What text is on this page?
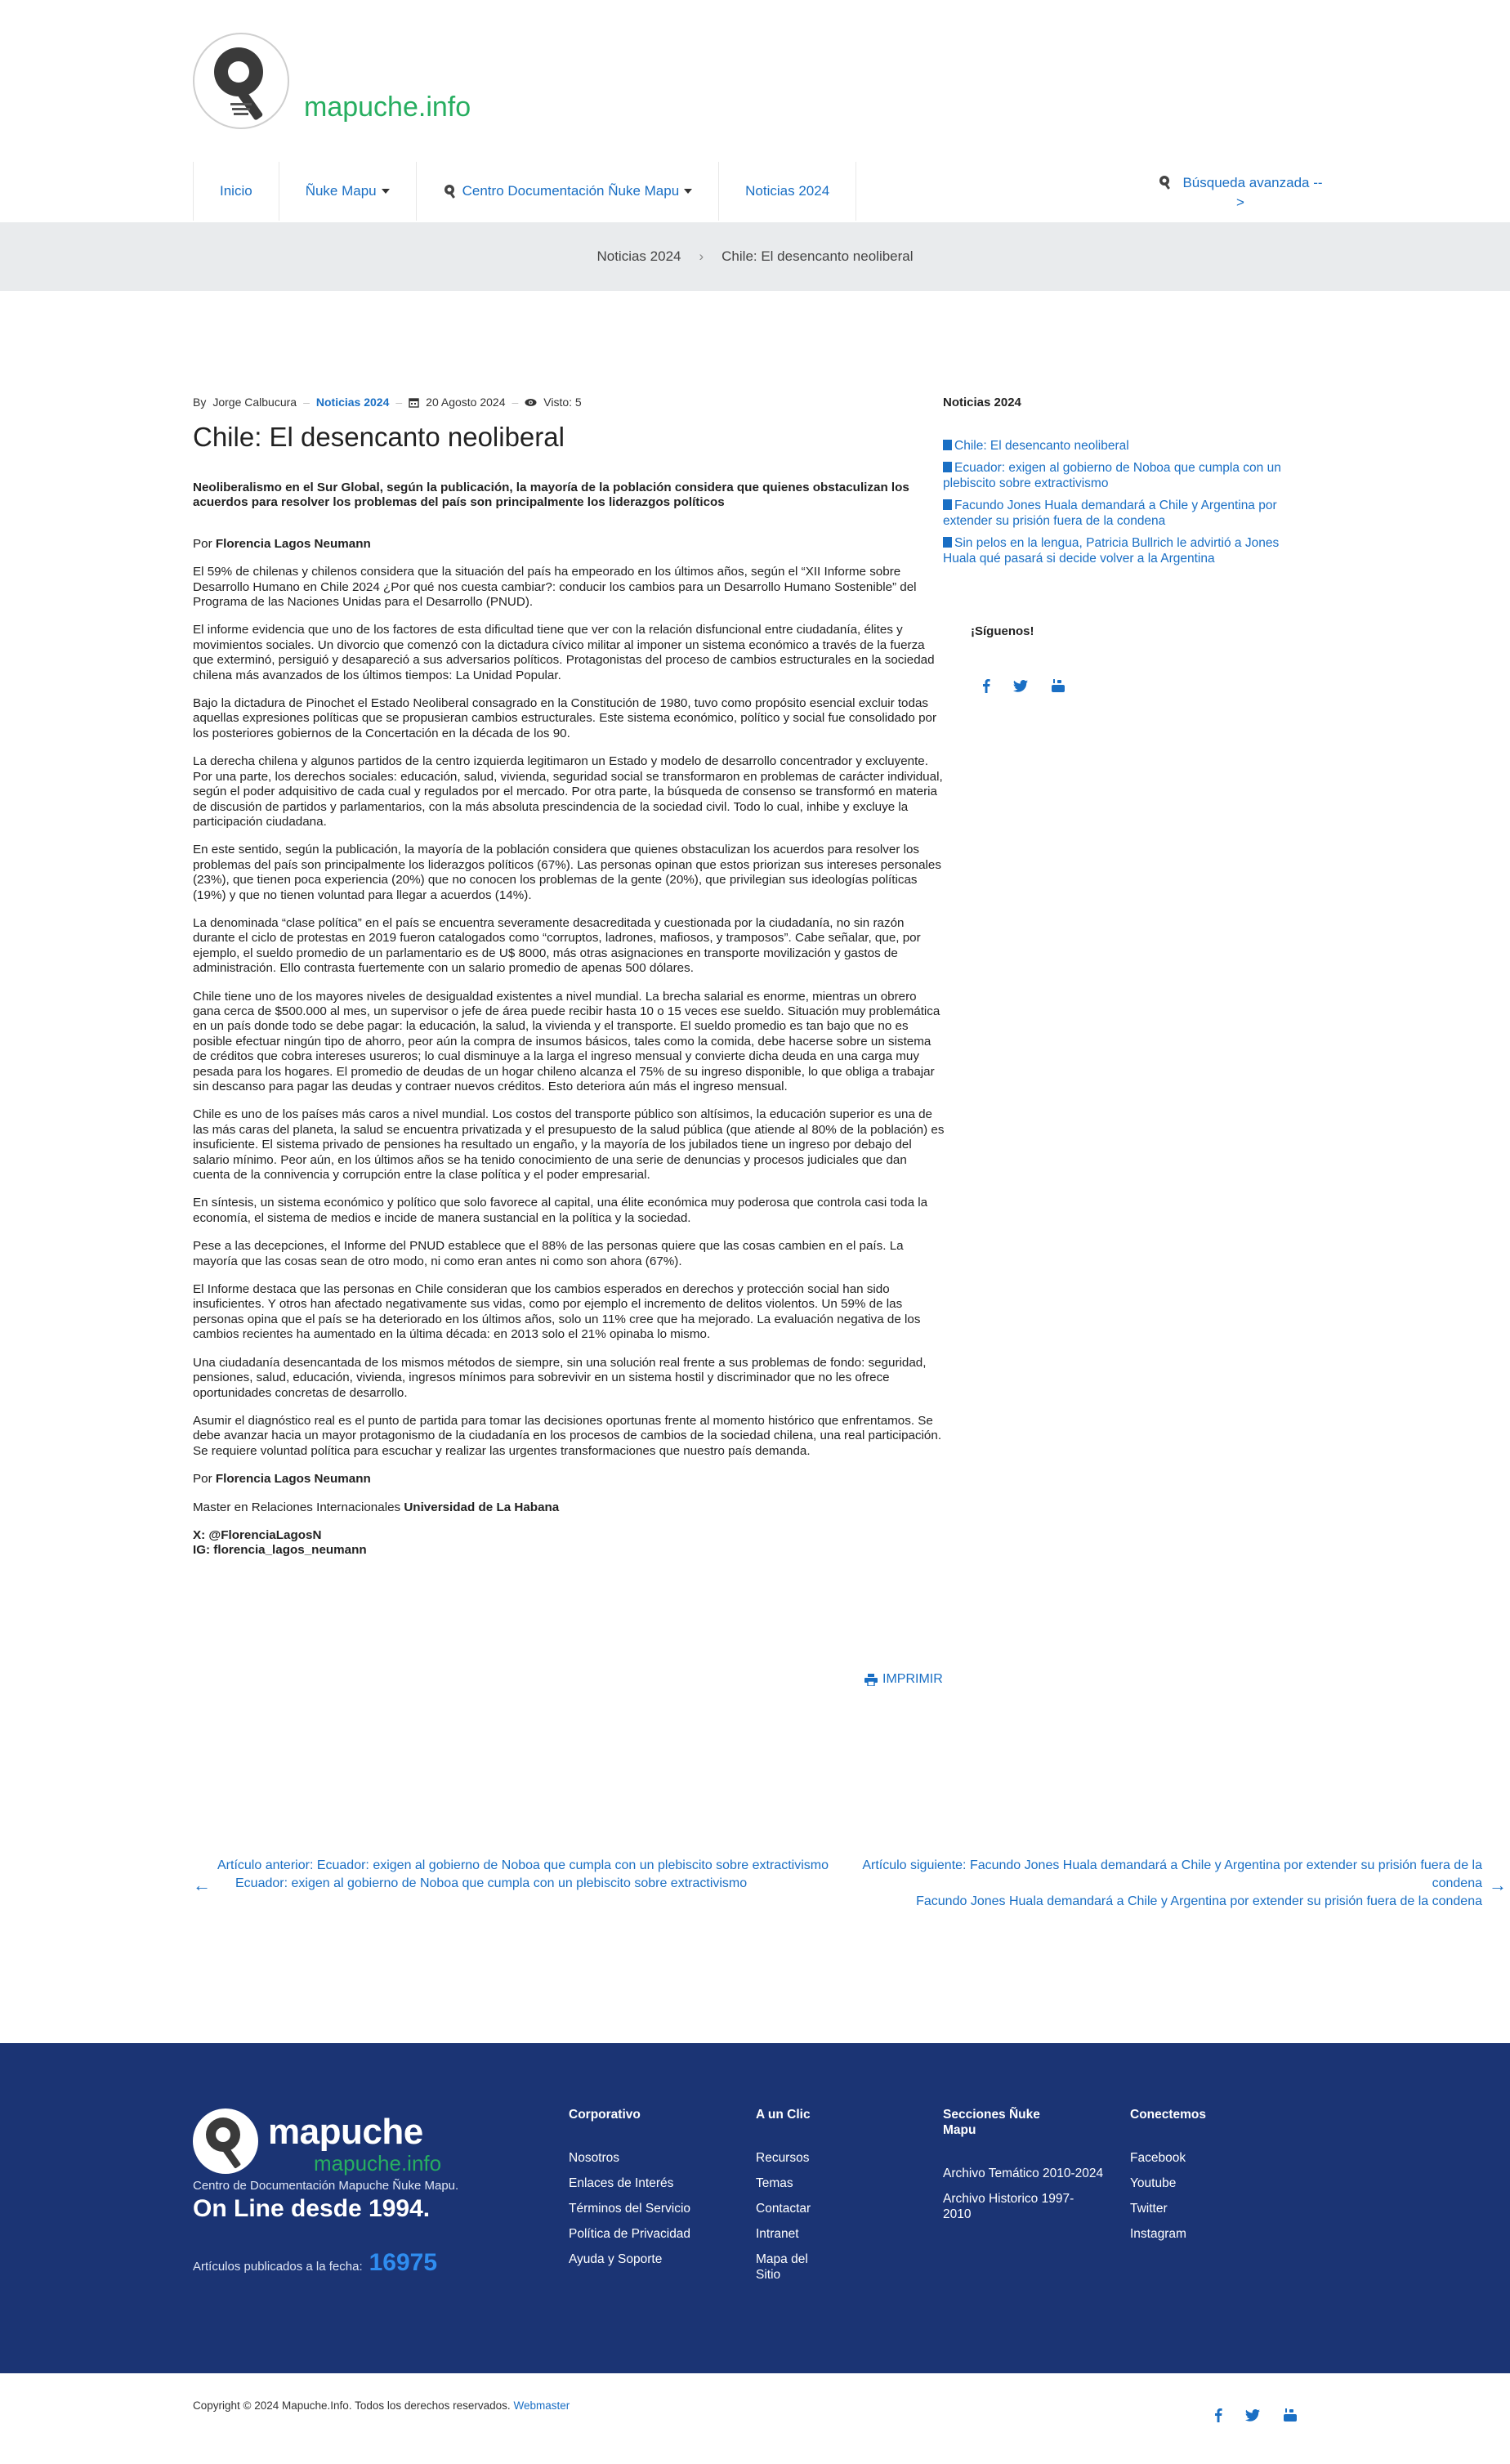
mapuche.info
Inicio	Ñuke Mapu	Centro Documentación Ñuke Mapu	Noticias 2024
Búsqueda avanzada --
>
Noticias 2024 › Chile: El desencanto neoliberal
By Jorge Calbucura – Noticias 2024 – 20 Agosto 2024 – Visto: 5
Chile: El desencanto neoliberal

Neoliberalismo en el Sur Global, según la publicación, la mayoría de la población considera que quienes obstaculizan los acuerdos para resolver los problemas del país son principalmente los liderazgos políticos

Por Florencia Lagos Neumann

El 59% de chilenas y chilenos considera que la situación del país ha empeorado en los últimos años, según el “XII Informe sobre Desarrollo Humano en Chile 2024 ¿Por qué nos cuesta cambiar?: conducir los cambios para un Desarrollo Humano Sostenible” del Programa de las Naciones Unidas para el Desarrollo (PNUD).

El informe evidencia que uno de los factores de esta dificultad tiene que ver con la relación disfuncional entre ciudadanía, élites y movimientos sociales. Un divorcio que comenzó con la dictadura cívico militar al imponer un sistema económico a través de la fuerza que exterminó, persiguió y desapareció a sus adversarios políticos. Protagonistas del proceso de cambios estructurales en la sociedad chilena más avanzados de los últimos tiempos: La Unidad Popular.

Bajo la dictadura de Pinochet el Estado Neoliberal consagrado en la Constitución de 1980, tuvo como propósito esencial excluir todas aquellas expresiones políticas que se propusieran cambios estructurales. Este sistema económico, político y social fue consolidado por los posteriores gobiernos de la Concertación en la década de los 90.

La derecha chilena y algunos partidos de la centro izquierda legitimaron un Estado y modelo de desarrollo concentrador y excluyente. Por una parte, los derechos sociales: educación, salud, vivienda, seguridad social se transformaron en problemas de carácter individual, según el poder adquisitivo de cada cual y regulados por el mercado. Por otra parte, la búsqueda de consenso se transformó en materia de discusión de partidos y parlamentarios, con la más absoluta prescindencia de la sociedad civil. Todo lo cual, inhibe y excluye la participación ciudadana.

En este sentido, según la publicación, la mayoría de la población considera que quienes obstaculizan los acuerdos para resolver los problemas del país son principalmente los liderazgos políticos (67%). Las personas opinan que estos priorizan sus intereses personales (23%), que tienen poca experiencia (20%) que no conocen los problemas de la gente (20%), que privilegian sus ideologías políticas (19%) y que no tienen voluntad para llegar a acuerdos (14%).

La denominada “clase política” en el país se encuentra severamente desacreditada y cuestionada por la ciudadanía, no sin razón durante el ciclo de protestas en 2019 fueron catalogados como “corruptos, ladrones, mafiosos, y tramposos”. Cabe señalar, que, por ejemplo, el sueldo promedio de un parlamentario es de U$ 8000, más otras asignaciones en transporte movilización y gastos de administración. Ello contrasta fuertemente con un salario promedio de apenas 500 dólares.

Chile tiene uno de los mayores niveles de desigualdad existentes a nivel mundial. La brecha salarial es enorme, mientras un obrero gana cerca de $500.000 al mes, un supervisor o jefe de área puede recibir hasta 10 o 15 veces ese sueldo. Situación muy problemática en un país donde todo se debe pagar: la educación, la salud, la vivienda y el transporte. El sueldo promedio es tan bajo que no es posible efectuar ningún tipo de ahorro, peor aún la compra de insumos básicos, tales como la comida, debe hacerse sobre un sistema de créditos que cobra intereses usureros; lo cual disminuye a la larga el ingreso mensual y convierte dicha deuda en una carga muy pesada para los hogares. El promedio de deudas de un hogar chileno alcanza el 75% de su ingreso disponible, lo que obliga a trabajar sin descanso para pagar las deudas y contraer nuevos créditos. Esto deteriora aún más el ingreso mensual.

Chile es uno de los países más caros a nivel mundial. Los costos del transporte público son altísimos, la educación superior es una de las más caras del planeta, la salud se encuentra privatizada y el presupuesto de la salud pública (que atiende al 80% de la población) es insuficiente. El sistema privado de pensiones ha resultado un engaño, y la mayoría de los jubilados tiene un ingreso por debajo del salario mínimo. Peor aún, en los últimos años se ha tenido conocimiento de una serie de denuncias y procesos judiciales que dan cuenta de la connivencia y corrupción entre la clase política y el poder empresarial.

En síntesis, un sistema económico y político que solo favorece al capital, una élite económica muy poderosa que controla casi toda la economía, el sistema de medios e incide de manera sustancial en la política y la sociedad.

Pese a las decepciones, el Informe del PNUD establece que el 88% de las personas quiere que las cosas cambien en el país. La mayoría que las cosas sean de otro modo, ni como eran antes ni como son ahora (67%).

El Informe destaca que las personas en Chile consideran que los cambios esperados en derechos y protección social han sido insuficientes. Y otros han afectado negativamente sus vidas, como por ejemplo el incremento de delitos violentos. Un 59% de las personas opina que el país se ha deteriorado en los últimos años, solo un 11% cree que ha mejorado. La evaluación negativa de los cambios recientes ha aumentado en la última década: en 2013 solo el 21% opinaba lo mismo.

Una ciudadanía desencantada de los mismos métodos de siempre, sin una solución real frente a sus problemas de fondo: seguridad, pensiones, salud, educación, vivienda, ingresos mínimos para sobrevivir en un sistema hostil y discriminador que no les ofrece oportunidades concretas de desarrollo.

Asumir el diagnóstico real es el punto de partida para tomar las decisiones oportunas frente al momento histórico que enfrentamos. Se debe avanzar hacia un mayor protagonismo de la ciudadanía en los procesos de cambios de la sociedad chilena, una real participación. Se requiere voluntad política para escuchar y realizar las urgentes transformaciones que nuestro país demanda.

Por Florencia Lagos Neumann

Master en Relaciones Internacionales Universidad de La Habana

X: @FlorenciaLagosN
IG: florencia_lagos_neumann

IMPRIMIR
←
Artículo anterior: Ecuador: exigen al gobierno de Noboa que cumpla con un plebiscito sobre extractivismo
Ecuador: exigen al gobierno de Noboa que cumpla con un plebiscito sobre extractivismo
Artículo siguiente: Facundo Jones Huala demandará a Chile y Argentina por extender su prisión fuera de la condena
Facundo Jones Huala demandará a Chile y Argentina por extender su prisión fuera de la condena
→
Noticias 2024
Chile: El desencanto neoliberal
Ecuador: exigen al gobierno de Noboa que cumpla con un plebiscito sobre extractivismo
Facundo Jones Huala demandará a Chile y Argentina por extender su prisión fuera de la condena
Sin pelos en la lengua, Patricia Bullrich le advirtió a Jones Huala qué pasará si decide volver a la Argentina
¡Síguenos!
mapuche
mapuche.info
Centro de Documentación Mapuche Ñuke Mapu.
On Line desde 1994.
Artículos publicados a la fecha: 16975
Corporativo
Nosotros
Enlaces de Interés
Términos del Servicio
Política de Privacidad
Ayuda y Soporte
A un Clic
Recursos
Temas
Contactar
Intranet
Mapa del Sitio
Secciones Ñuke Mapu
Archivo Temático 2010-2024
Archivo Historico 1997-2010
Conectemos
Facebook
Youtube
Twitter
Instagram
Copyright © 2024 Mapuche.Info. Todos los derechos reservados. Webmaster
